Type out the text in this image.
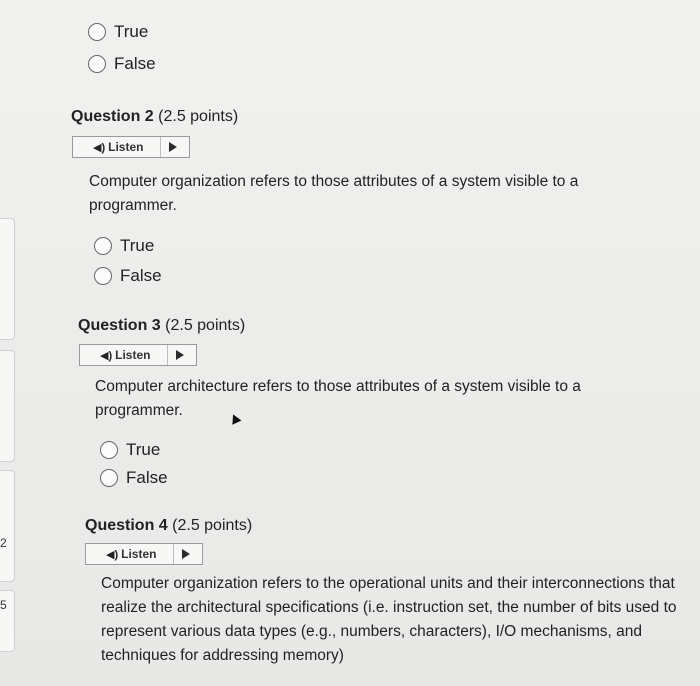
2
5
True
False
Question 2 (2.5 points)
◀) Listen
Computer organization refers to those attributes of a system visible to a programmer.
True
False
Question 3 (2.5 points)
◀) Listen
Computer architecture refers to those attributes of a system visible to a programmer.
True
False
Question 4 (2.5 points)
◀) Listen
Computer organization refers to the operational units and their interconnections that realize the architectural specifications (i.e. instruction set, the number of bits used to represent various data types (e.g., numbers, characters), I/O mechanisms, and techniques for addressing memory)
